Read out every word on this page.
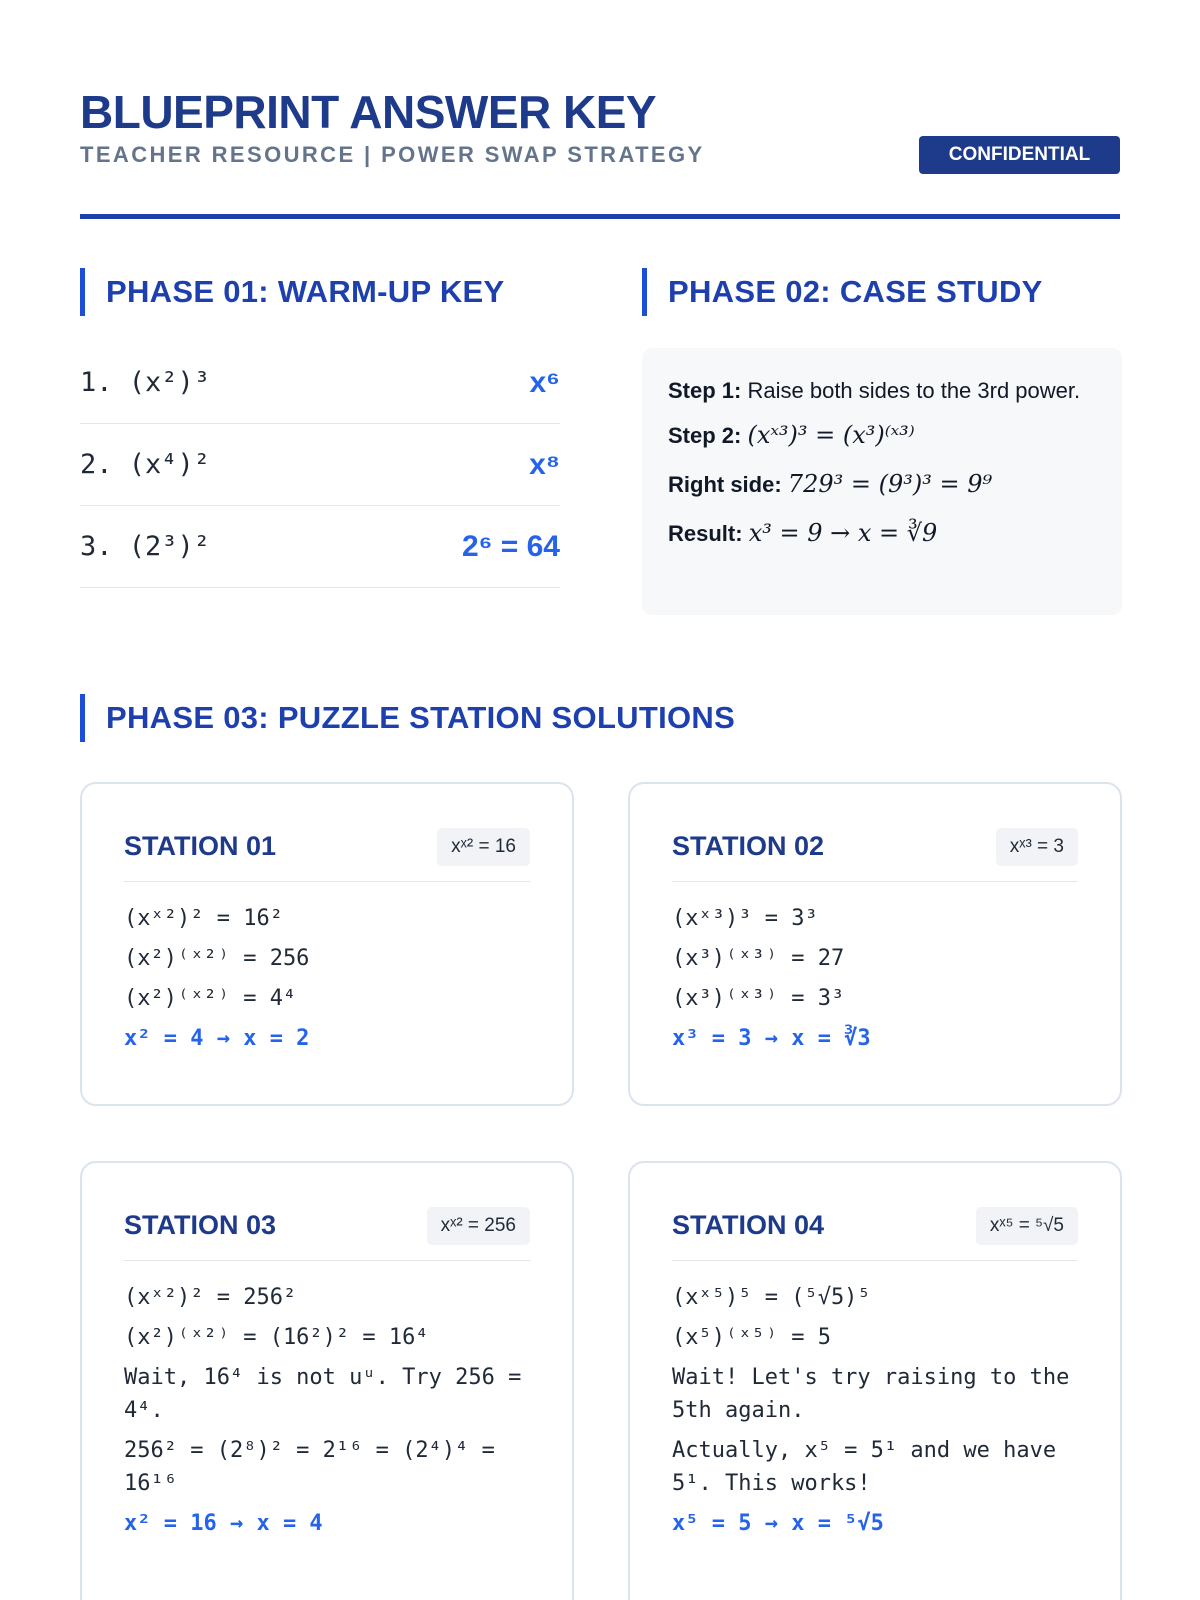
BLUEPRINT ANSWER KEY
TEACHER RESOURCE | POWER SWAP STRATEGY	CONFIDENTIAL
PHASE 01: WARM-UP KEY
1. (x²)³	x⁶
2. (x⁴)²	x⁸
3. (2³)²	2⁶ = 64
PHASE 02: CASE STUDY
Step 1: Raise both sides to the 3rd power.
Step 2: (xˣ³)³ = (x³)⁽ˣ³⁾
Right side: 729³ = (9³)³ = 9⁹
Result: x³ = 9 → x = ∛9
PHASE 03: PUZZLE STATION SOLUTIONS
STATION 01	xˣ² = 16
(xˣ²)² = 16²
(x²)⁽ˣ²⁾ = 256
(x²)⁽ˣ²⁾ = 4⁴
x² = 4 → x = 2
STATION 02	xˣ³ = 3
(xˣ³)³ = 3³
(x³)⁽ˣ³⁾ = 27
(x³)⁽ˣ³⁾ = 3³
x³ = 3 → x = ∛3
STATION 03	xˣ² = 256
(xˣ²)² = 256²
(x²)⁽ˣ²⁾ = (16²)² = 16⁴
Wait, 16⁴ is not uᵘ. Try 256 = 4⁴.
256² = (2⁸)² = 2¹⁶ = (2⁴)⁴ = 16¹⁶
x² = 16 → x = 4
STATION 04	xˣ⁵ = ⁵√5
(xˣ⁵)⁵ = (⁵√5)⁵
(x⁵)⁽ˣ⁵⁾ = 5
Wait! Let's try raising to the 5th again.
Actually, x⁵ = 5¹ and we have 5¹. This works!
x⁵ = 5 → x = ⁵√5
